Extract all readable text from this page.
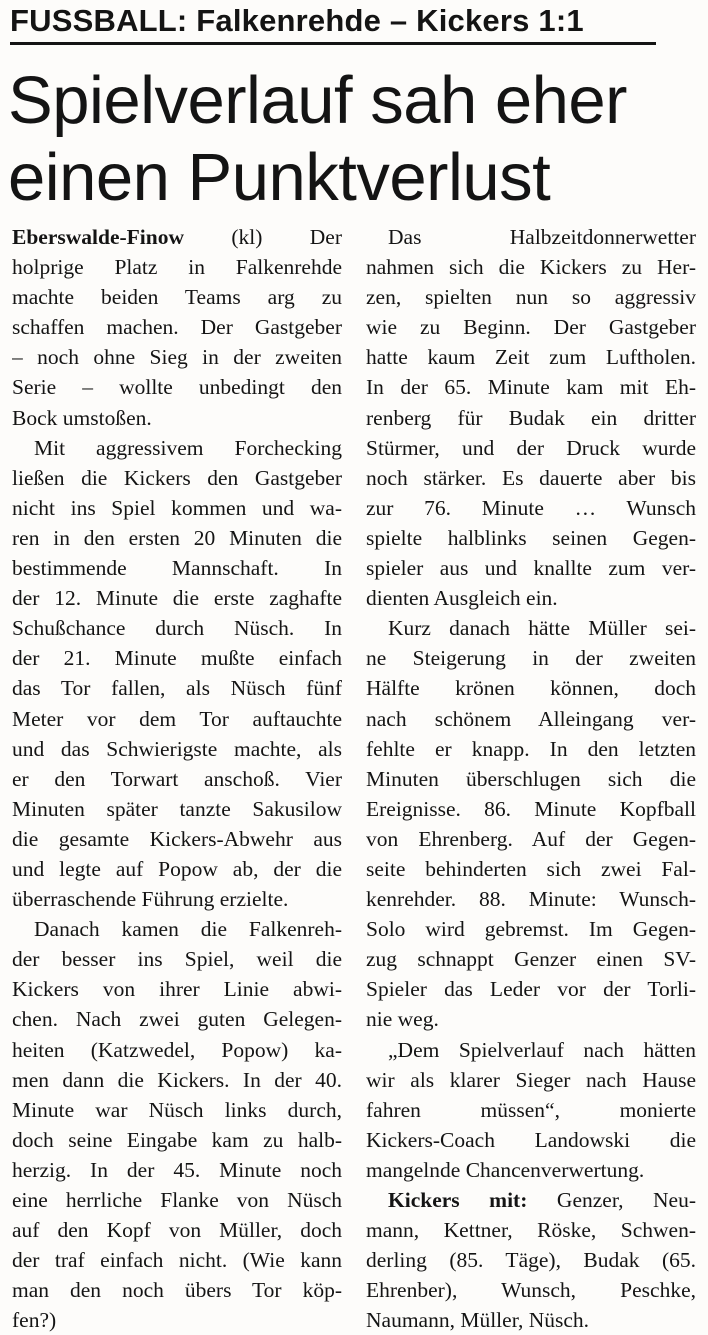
FUSSBALL: Falkenrehde – Kickers 1:1
Spielverlauf sah eher
einen Punktverlust
Eberswalde-Finow (kl) Der
holprige Platz in Falkenrehde
machte beiden Teams arg zu
schaffen machen. Der Gastgeber
– noch ohne Sieg in der zweiten
Serie – wollte unbedingt den
Bock umstoßen.
Mit aggressivem Forchecking
ließen die Kickers den Gastgeber
nicht ins Spiel kommen und wa-
ren in den ersten 20 Minuten die
bestimmende Mannschaft. In
der 12. Minute die erste zaghafte
Schußchance durch Nüsch. In
der 21. Minute mußte einfach
das Tor fallen, als Nüsch fünf
Meter vor dem Tor auftauchte
und das Schwierigste machte, als
er den Torwart anschoß. Vier
Minuten später tanzte Sakusilow
die gesamte Kickers-Abwehr aus
und legte auf Popow ab, der die
überraschende Führung erzielte.
Danach kamen die Falkenreh-
der besser ins Spiel, weil die
Kickers von ihrer Linie abwi-
chen. Nach zwei guten Gelegen-
heiten (Katzwedel, Popow) ka-
men dann die Kickers. In der 40.
Minute war Nüsch links durch,
doch seine Eingabe kam zu halb-
herzig. In der 45. Minute noch
eine herrliche Flanke von Nüsch
auf den Kopf von Müller, doch
der traf einfach nicht. (Wie kann
man den noch übers Tor köp-
fen?)
Das Halbzeitdonnerwetter
nahmen sich die Kickers zu Her-
zen, spielten nun so aggressiv
wie zu Beginn. Der Gastgeber
hatte kaum Zeit zum Luftholen.
In der 65. Minute kam mit Eh-
renberg für Budak ein dritter
Stürmer, und der Druck wurde
noch stärker. Es dauerte aber bis
zur 76. Minute … Wunsch
spielte halblinks seinen Gegen-
spieler aus und knallte zum ver-
dienten Ausgleich ein.
Kurz danach hätte Müller sei-
ne Steigerung in der zweiten
Hälfte krönen können, doch
nach schönem Alleingang ver-
fehlte er knapp. In den letzten
Minuten überschlugen sich die
Ereignisse. 86. Minute Kopfball
von Ehrenberg. Auf der Gegen-
seite behinderten sich zwei Fal-
kenrehder. 88. Minute: Wunsch-
Solo wird gebremst. Im Gegen-
zug schnappt Genzer einen SV-
Spieler das Leder vor der Torli-
nie weg.
„Dem Spielverlauf nach hätten
wir als klarer Sieger nach Hause
fahren müssen“, monierte
Kickers-Coach Landowski die
mangelnde Chancenverwertung.
Kickers mit: Genzer, Neu-
mann, Kettner, Röske, Schwen-
derling (85. Täge), Budak (65.
Ehrenber), Wunsch, Peschke,
Naumann, Müller, Nüsch.
